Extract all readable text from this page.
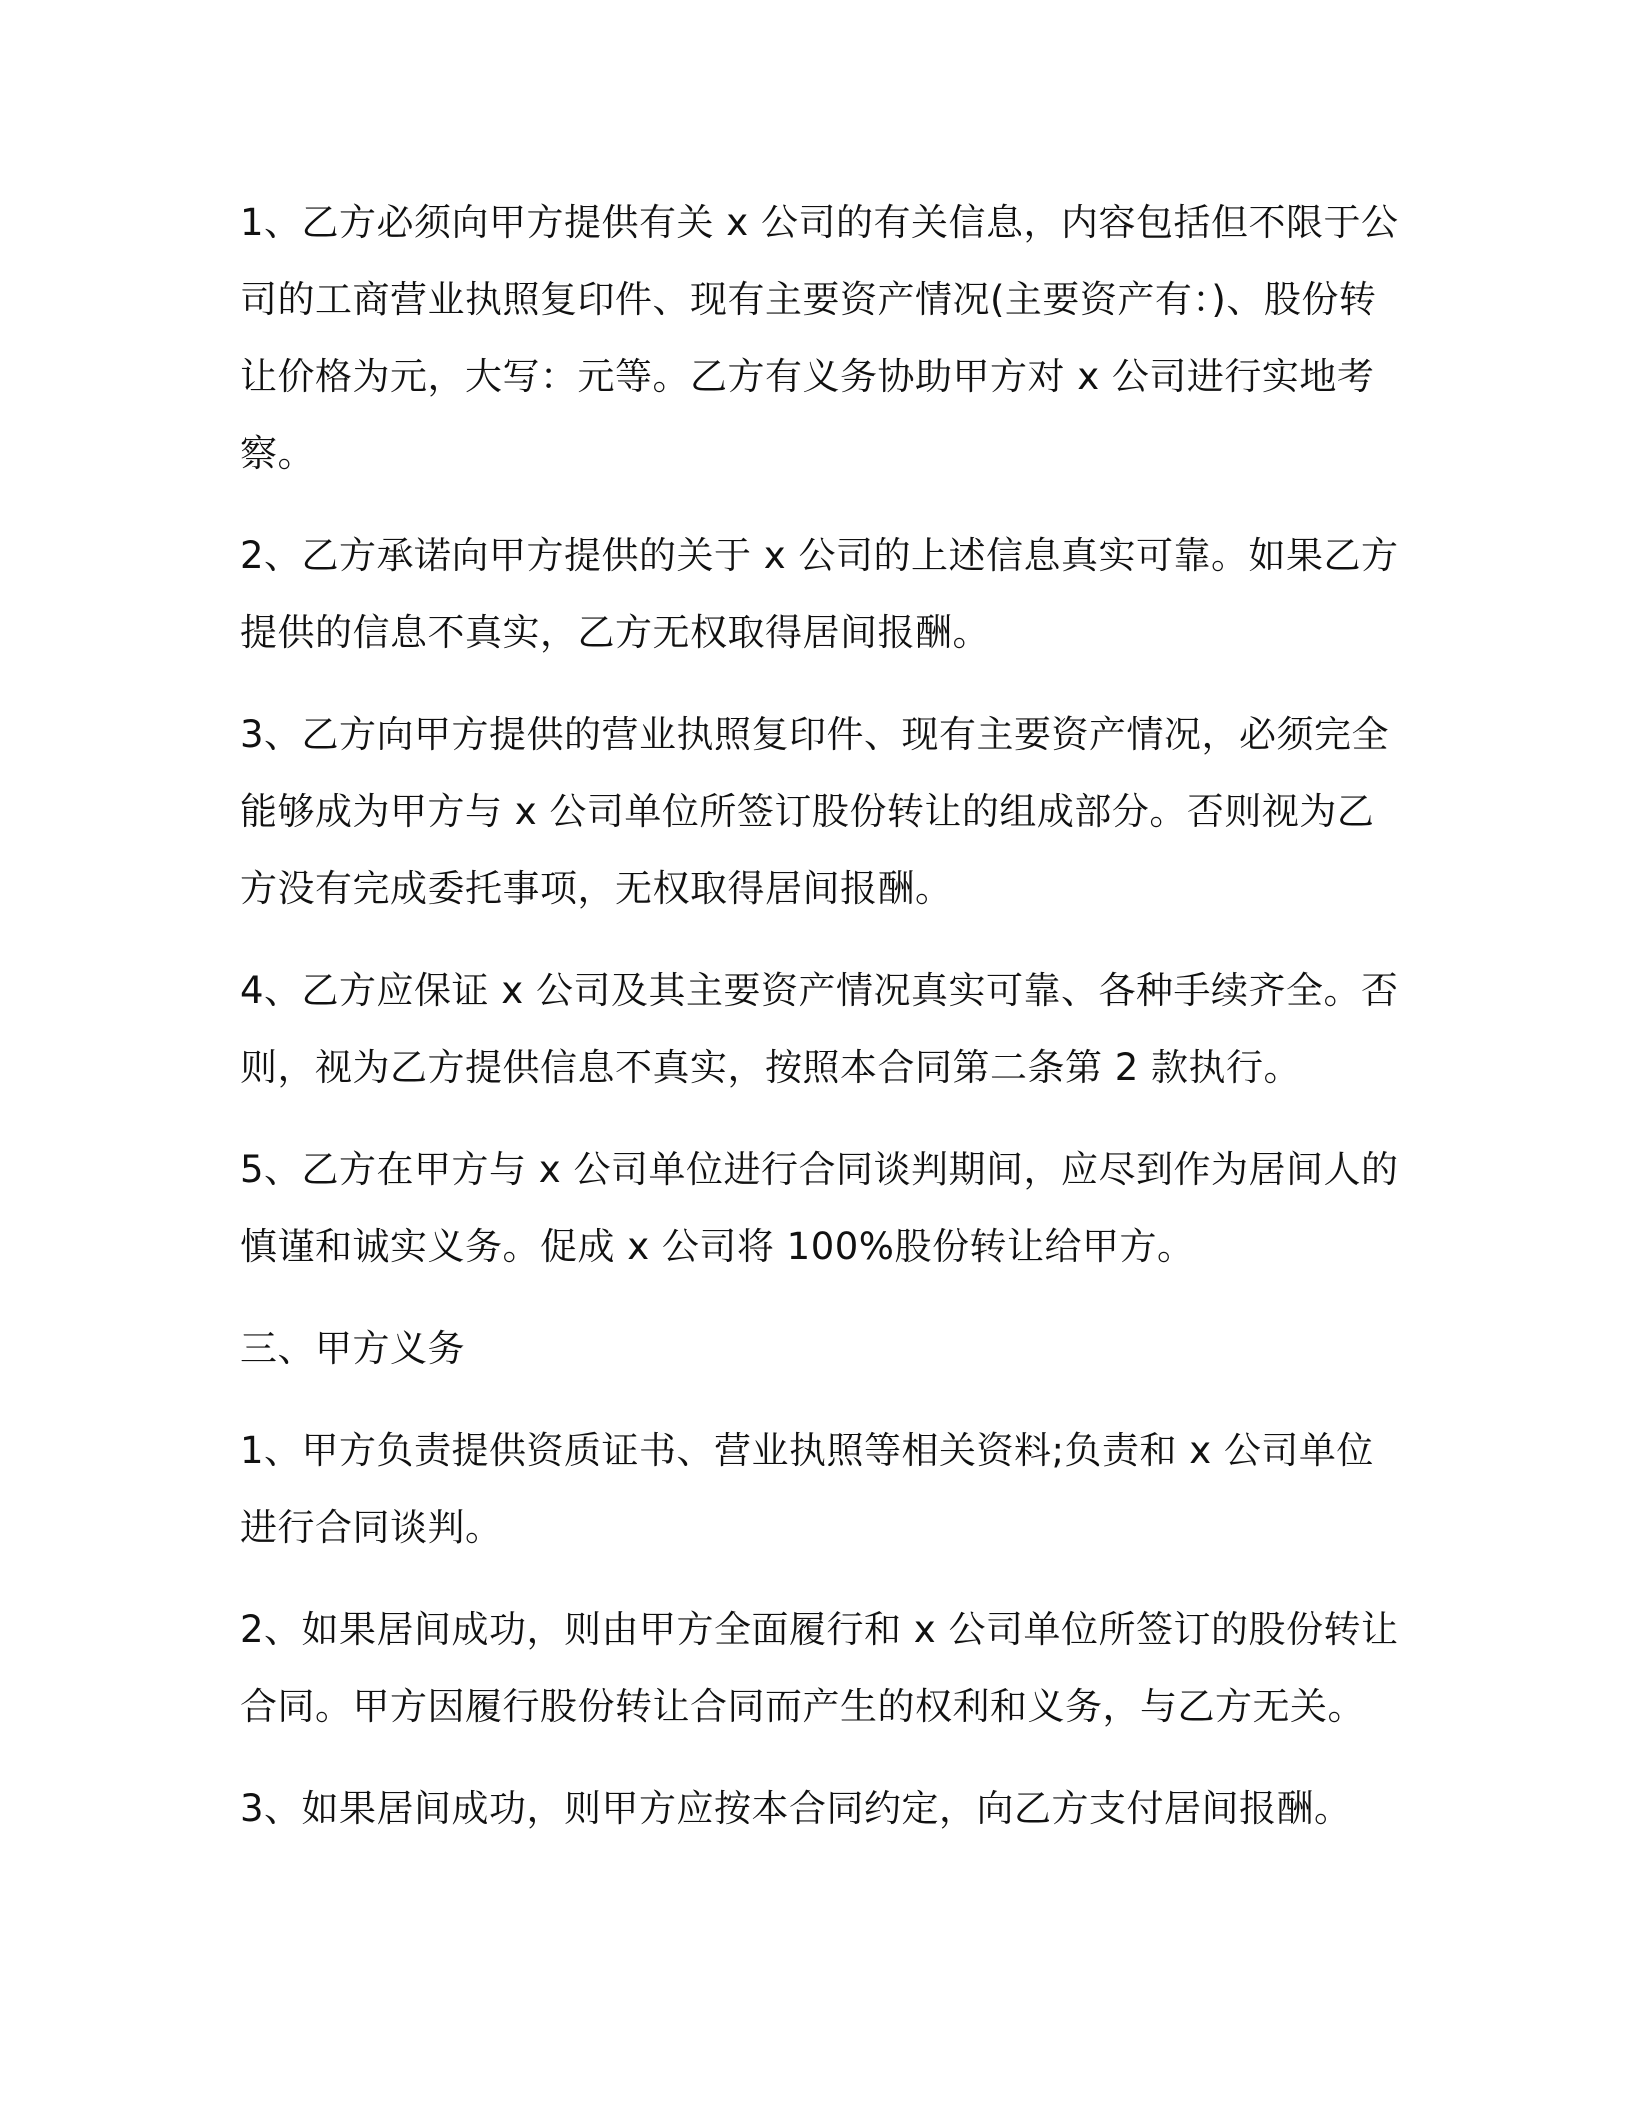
1、乙方必须向甲方提供有关 x 公司的有关信息，内容包括但不限于公
司的工商营业执照复印件、现有主要资产情况(主要资产有：)、股份转
让价格为元，大写：元等。乙方有义务协助甲方对 x 公司进行实地考
察。

2、乙方承诺向甲方提供的关于 x 公司的上述信息真实可靠。如果乙方
提供的信息不真实，乙方无权取得居间报酬。

3、乙方向甲方提供的营业执照复印件、现有主要资产情况，必须完全
能够成为甲方与 x 公司单位所签订股份转让的组成部分。否则视为乙
方没有完成委托事项，无权取得居间报酬。

4、乙方应保证 x 公司及其主要资产情况真实可靠、各种手续齐全。否
则，视为乙方提供信息不真实，按照本合同第二条第 2 款执行。

5、乙方在甲方与 x 公司单位进行合同谈判期间，应尽到作为居间人的
慎谨和诚实义务。促成 x 公司将 100%股份转让给甲方。

三、甲方义务

1、甲方负责提供资质证书、营业执照等相关资料;负责和 x 公司单位
进行合同谈判。

2、如果居间成功，则由甲方全面履行和 x 公司单位所签订的股份转让
合同。甲方因履行股份转让合同而产生的权利和义务，与乙方无关。

3、如果居间成功，则甲方应按本合同约定，向乙方支付居间报酬。
